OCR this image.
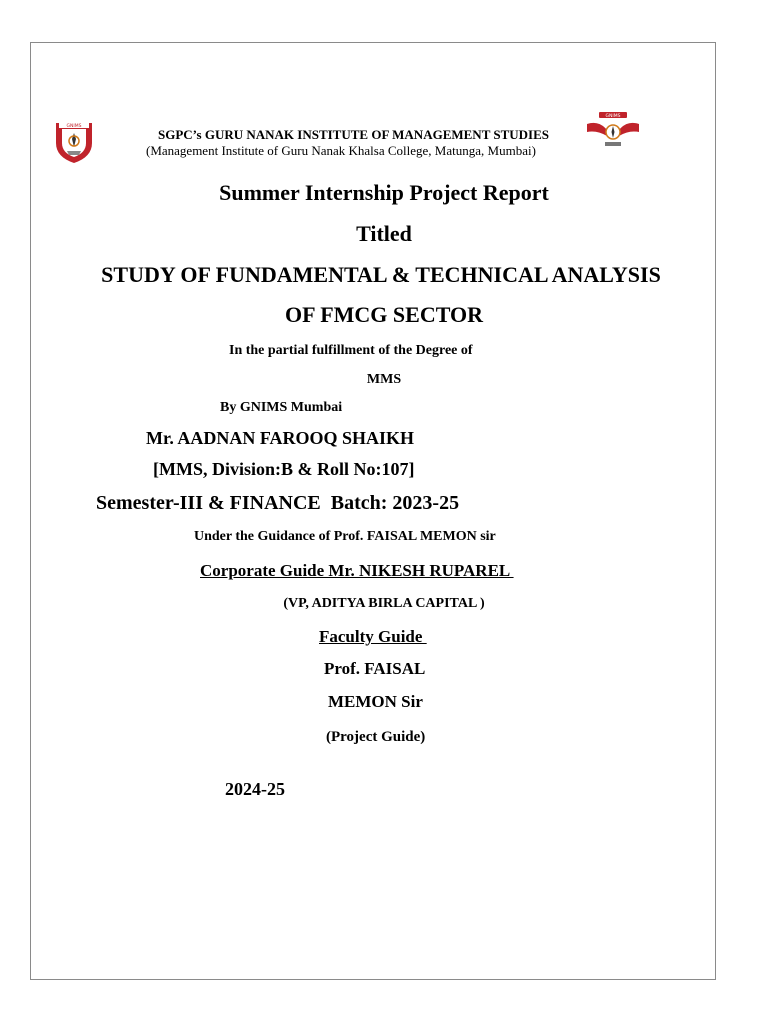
GNIMS
GNIMS
SGPC’s GURU NANAK INSTITUTE OF MANAGEMENT STUDIES
(Management Institute of Guru Nanak Khalsa College, Matunga, Mumbai)
Summer Internship Project Report
Titled
STUDY OF FUNDAMENTAL & TECHNICAL ANALYSIS
OF FMCG SECTOR
In the partial fulfillment of the Degree of
MMS
By GNIMS Mumbai
Mr. AADNAN FAROOQ SHAIKH
[MMS, Division:B & Roll No:107]
Semester-III & FINANCE  Batch: 2023-25
Under the Guidance of Prof. FAISAL MEMON sir
Corporate Guide Mr. NIKESH RUPAREL
(VP, ADITYA BIRLA CAPITAL )
Faculty Guide
Prof. FAISAL
MEMON Sir
(Project Guide)
2024-25
